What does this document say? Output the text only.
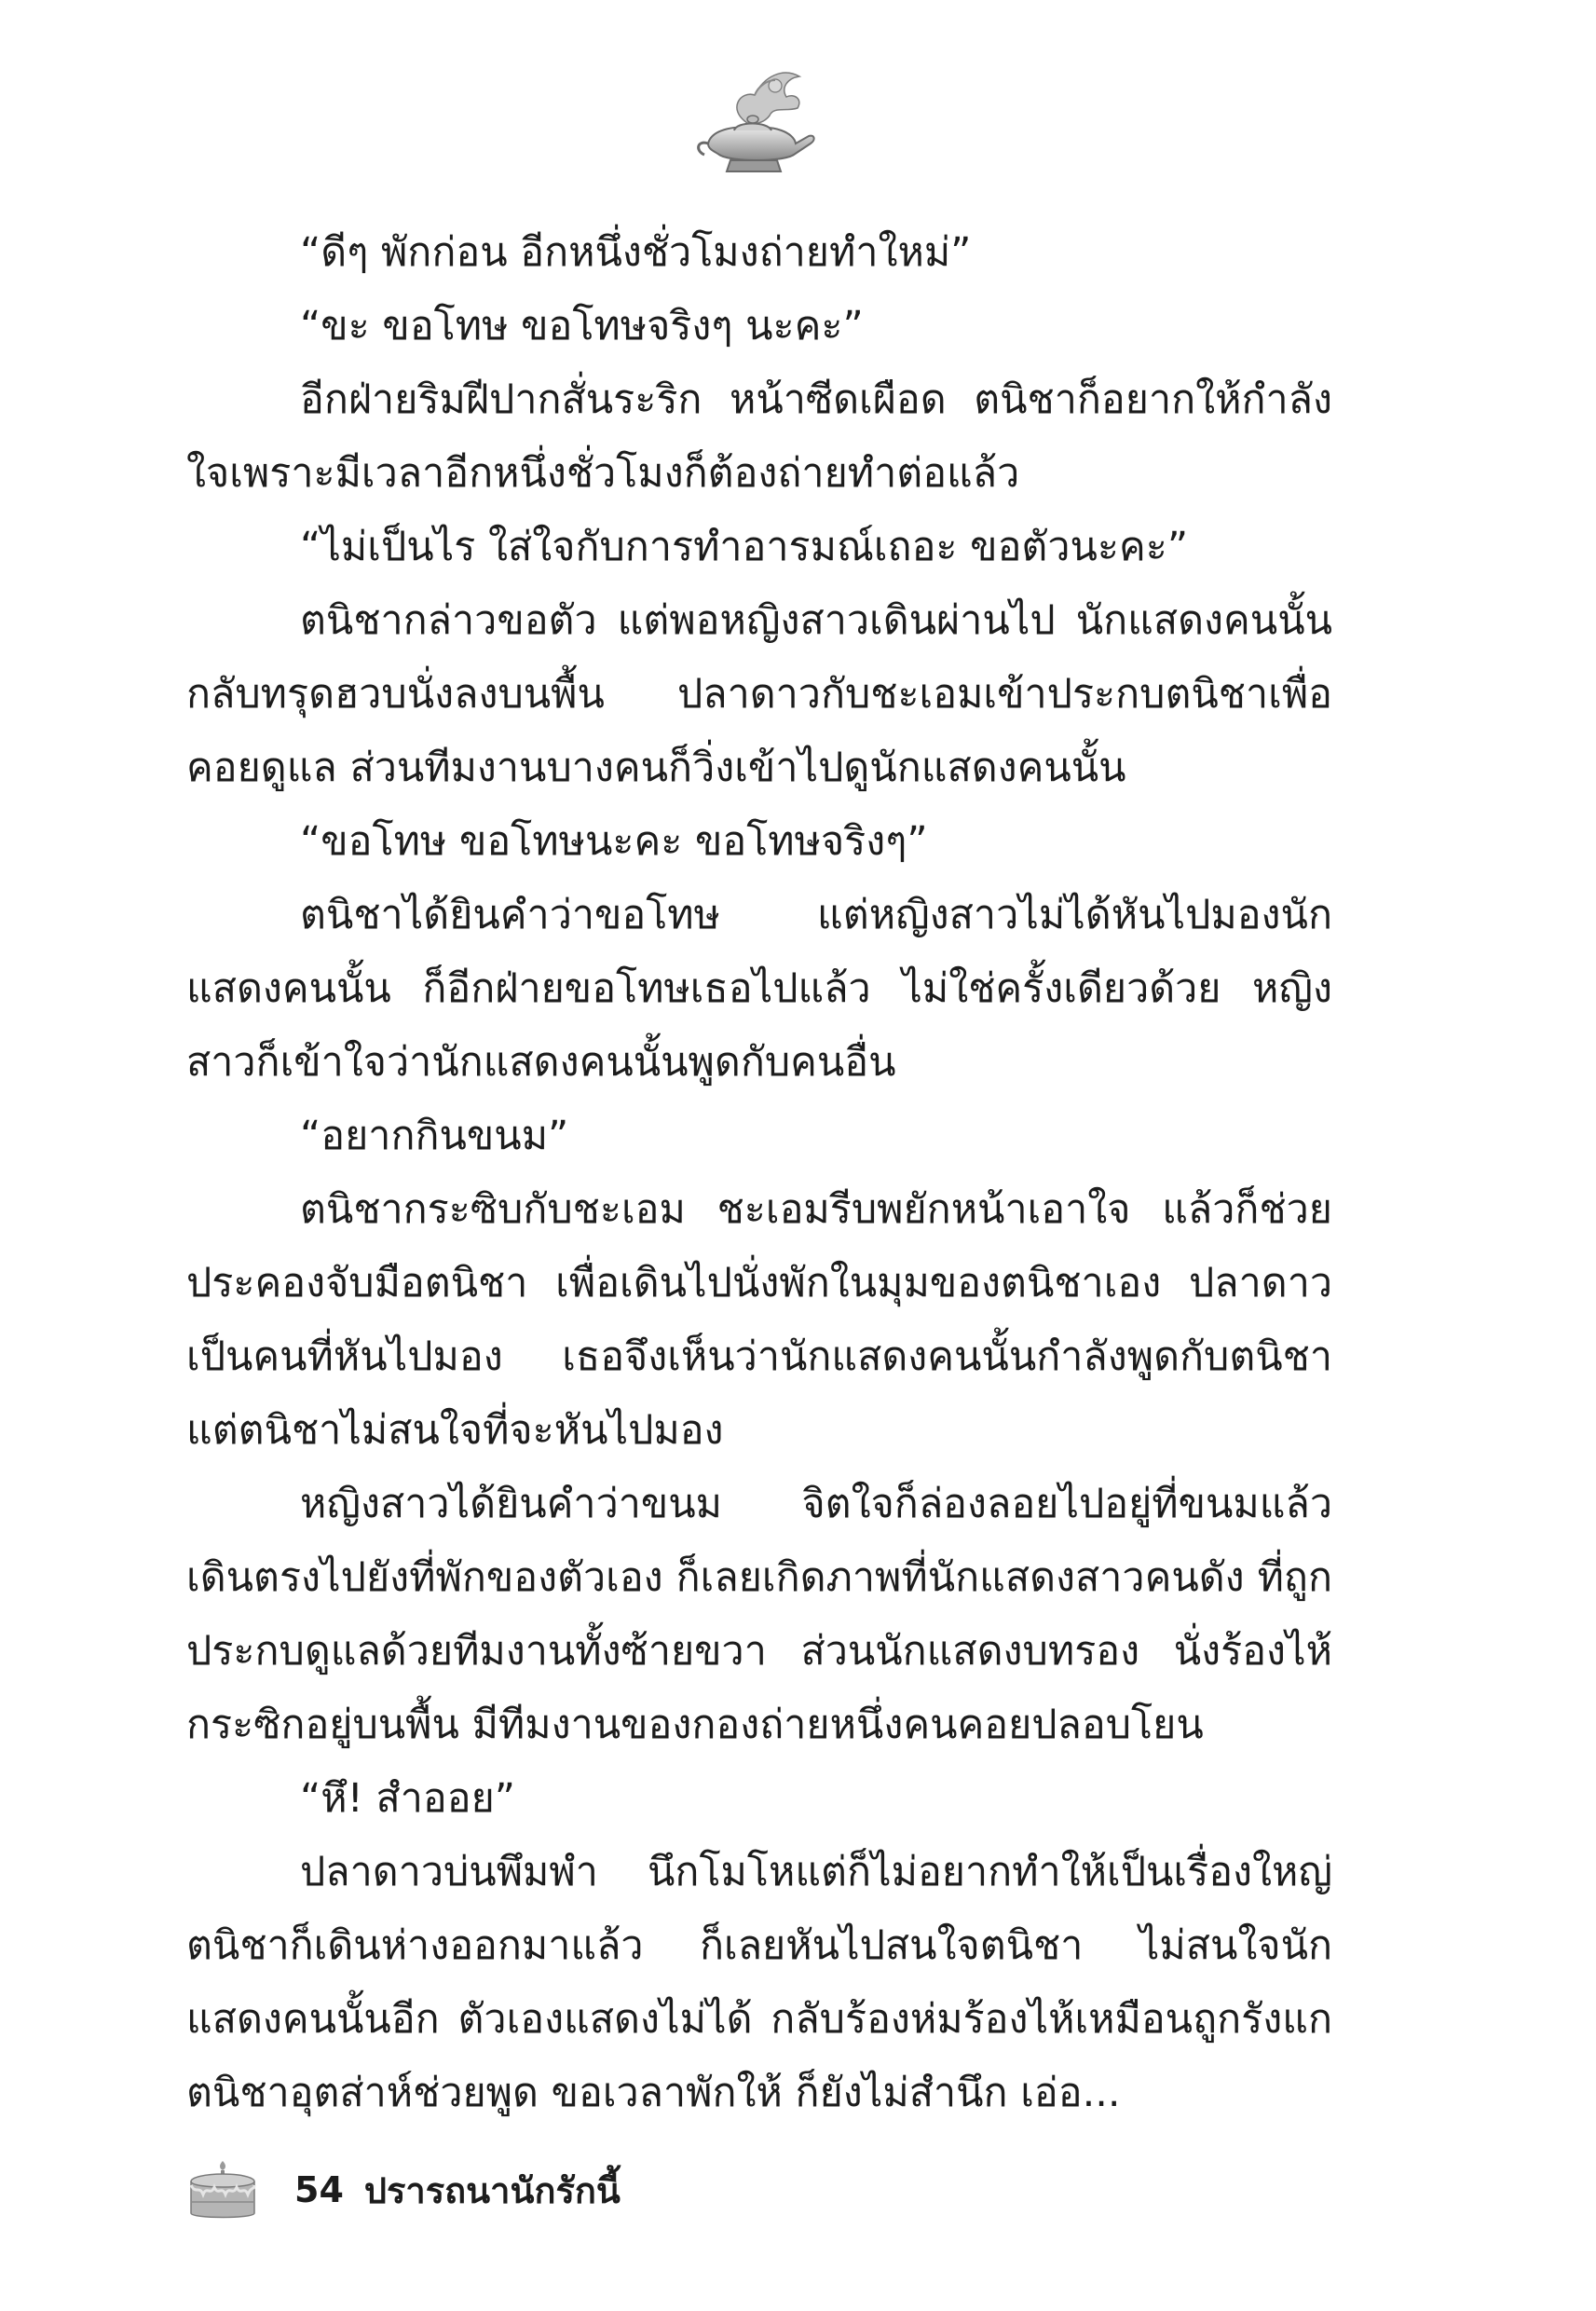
“ดีๆ พักก่อน อีกหนึ่งชั่วโมงถ่ายทำใหม่”

“ขะ ขอโทษ ขอโทษจริงๆ นะคะ”

อีกฝ่ายริมฝีปากสั่นระริก หน้าซีดเผือด ตนิชาก็อยากให้กำลังใจเพราะมีเวลาอีกหนึ่งชั่วโมงก็ต้องถ่ายทำต่อแล้ว

“ไม่เป็นไร ใส่ใจกับการทำอารมณ์เถอะ ขอตัวนะคะ”

ตนิชากล่าวขอตัว แต่พอหญิงสาวเดินผ่านไป นักแสดงคนนั้นกลับทรุดฮวบนั่งลงบนพื้น ปลาดาวกับชะเอมเข้าประกบตนิชาเพื่อคอยดูแล ส่วนทีมงานบางคนก็วิ่งเข้าไปดูนักแสดงคนนั้น

“ขอโทษ ขอโทษนะคะ ขอโทษจริงๆ”

ตนิชาได้ยินคำว่าขอโทษ แต่หญิงสาวไม่ได้หันไปมองนักแสดงคนนั้น ก็อีกฝ่ายขอโทษเธอไปแล้ว ไม่ใช่ครั้งเดียวด้วย หญิงสาวก็เข้าใจว่านักแสดงคนนั้นพูดกับคนอื่น

“อยากกินขนม”

ตนิชากระซิบกับชะเอม ชะเอมรีบพยักหน้าเอาใจ แล้วก็ช่วยประคองจับมือตนิชา เพื่อเดินไปนั่งพักในมุมของตนิชาเอง ปลาดาวเป็นคนที่หันไปมอง เธอจึงเห็นว่านักแสดงคนนั้นกำลังพูดกับตนิชา แต่ตนิชาไม่สนใจที่จะหันไปมอง

หญิงสาวได้ยินคำว่าขนม จิตใจก็ล่องลอยไปอยู่ที่ขนมแล้ว เดินตรงไปยังที่พักของตัวเอง ก็เลยเกิดภาพที่นักแสดงสาวคนดัง ที่ถูกประกบดูแลด้วยทีมงานทั้งซ้ายขวา ส่วนนักแสดงบทรอง นั่งร้องไห้กระซิกอยู่บนพื้น มีทีมงานของกองถ่ายหนึ่งคนคอยปลอบโยน

“หึ! สำออย”

ปลาดาวบ่นพึมพำ นึกโมโหแต่ก็ไม่อยากทำให้เป็นเรื่องใหญ่ ตนิชาก็เดินห่างออกมาแล้ว ก็เลยหันไปสนใจตนิชา ไม่สนใจนักแสดงคนนั้นอีก ตัวเองแสดงไม่ได้ กลับร้องห่มร้องไห้เหมือนถูกรังแก ตนิชาอุตส่าห์ช่วยพูด ขอเวลาพักให้ ก็ยังไม่สำนึก เอ่อ...

54 ปรารถนานักรักนี้
